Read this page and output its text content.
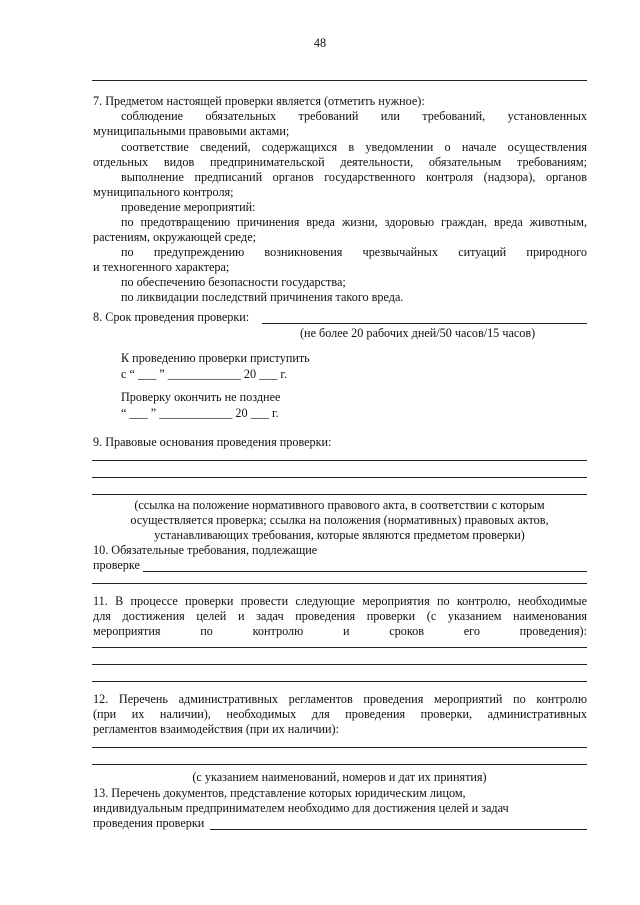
48
7. Предметом настоящей проверки является (отметить нужное):
соблюдение обязательных требований или требований, установленных
муниципальными правовыми актами;
соответствие сведений, содержащихся в уведомлении о начале осуществления
отдельных видов предпринимательской деятельности, обязательным требованиям;
выполнение предписаний органов государственного контроля (надзора), органов
муниципального контроля;
проведение мероприятий:
по предотвращению причинения вреда жизни, здоровью граждан, вреда животным,
растениям, окружающей среде;
по предупреждению возникновения чрезвычайных ситуаций природного
и техногенного характера;
по обеспечению безопасности государства;
по ликвидации последствий причинения такого вреда.
8. Срок проведения проверки:
(не более 20 рабочих дней/50 часов/15 часов)
К проведению проверки приступить
с “ ___ ” ____________ 20 ___ г.
Проверку окончить не позднее
“ ___ ” ____________ 20 ___ г.
9. Правовые основания проведения проверки:
(ссылка на положение нормативного правового акта, в соответствии с которым
осуществляется проверка; ссылка на положения (нормативных) правовых актов,
устанавливающих требования, которые являются предметом проверки)
10. Обязательные требования, подлежащие
проверке
11. В процессе проверки провести следующие мероприятия по контролю, необходимые
для достижения целей и задач проведения проверки (с указанием наименования
мероприятия по контролю и сроков его проведения):
12. Перечень административных регламентов проведения мероприятий по контролю
(при их наличии), необходимых для проведения проверки, административных
регламентов взаимодействия (при их наличии):
(с указанием наименований, номеров и дат их принятия)
13. Перечень документов, представление которых юридическим лицом,
индивидуальным предпринимателем необходимо для достижения целей и задач
проведения проверки
